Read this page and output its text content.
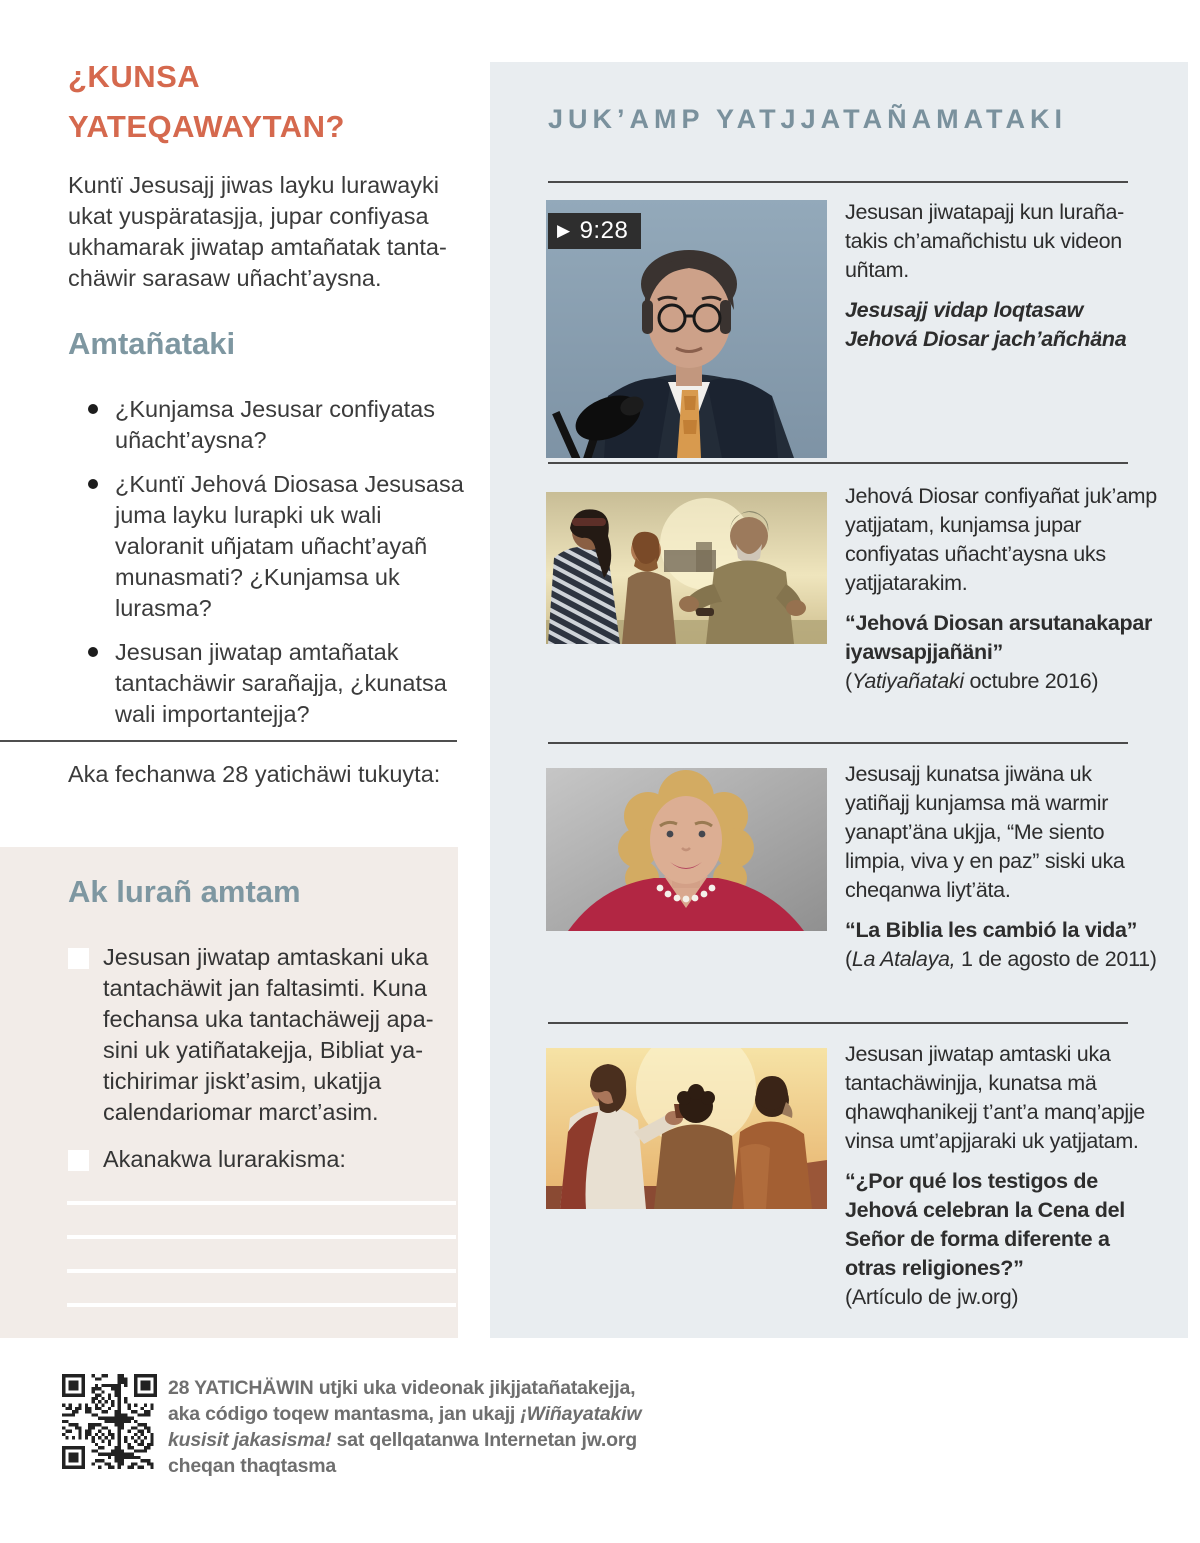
¿KUNSA YATEQAWAYTAN?
Kuntï Jesusajj jiwas layku lurawayki ukat yuspäratasjja, jupar confiyasa ukhamarak jiwatap amtañatak tantachäwir sarasaw uñacht’aysna.
Amtañataki
¿Kunjamsa Jesusar confiyatas uñacht’aysna?
¿Kuntï Jehová Diosasa Jesusasa juma layku lurapki uk wali valoranit uñjatam uñacht’ayañ munasmati? ¿Kunjamsa uk lurasma?
Jesusan jiwatap amtañatak tantachäwir sarañajja, ¿kunatsa wali importantejja?
Aka fechanwa 28 yatichäwi tukuyta:
Ak lurañ amtam
Jesusan jiwatap amtaskani uka tantachäwit jan faltasimti. Kuna fechansa uka tantachäwejj apasini uk yatiñatakejja, Bibliat yatichirimar jiskt’asim, ukatjja calendariomar marct’asim.
Akanakwa lurarakisma:
28 YATICHÄWIN utjki uka videonak jikjjatañatakejja, aka código toqew mantasma, jan ukajj ¡Wiñayatakiw kusisit jakasisma! sat qellqatanwa Internetan jw.org cheqan thaqtasma
JUK’AMP YATJJATAÑAMATAKI
▶ 9:28

Jesusan jiwatapajj kun lurañatakis ch’amañchistu uk videon uñtam.

Jesusajj vidap loqtasaw Jehová Diosar jach’añchäna

Jehová Diosar confiyañat juk’amp yatjjatam, kunjamsa jupar confiyatas uñacht’aysna uks yatjjatarakim.

“Jehová Diosan arsutanakapar iyawsapjjañäni”

(Yatiyañataki octubre 2016)

Jesusajj kunatsa jiwäna uk yatiñajj kunjamsa mä warmir yanapt’äna ukjja, “Me siento limpia, viva y en paz” siski uka cheqanwa liyt’äta.

“La Biblia les cambió la vida”

(La Atalaya, 1 de agosto de 2011)

Jesusan jiwatap amtaski uka tantachäwinjja, kunatsa mä qhawqhanikejj t’ant’a manq’apjje vinsa umt’apjjaraki uk yatjjatam.

“¿Por qué los testigos de Jehová celebran la Cena del Señor de forma diferente a otras religiones?”

(Artículo de jw.org)
